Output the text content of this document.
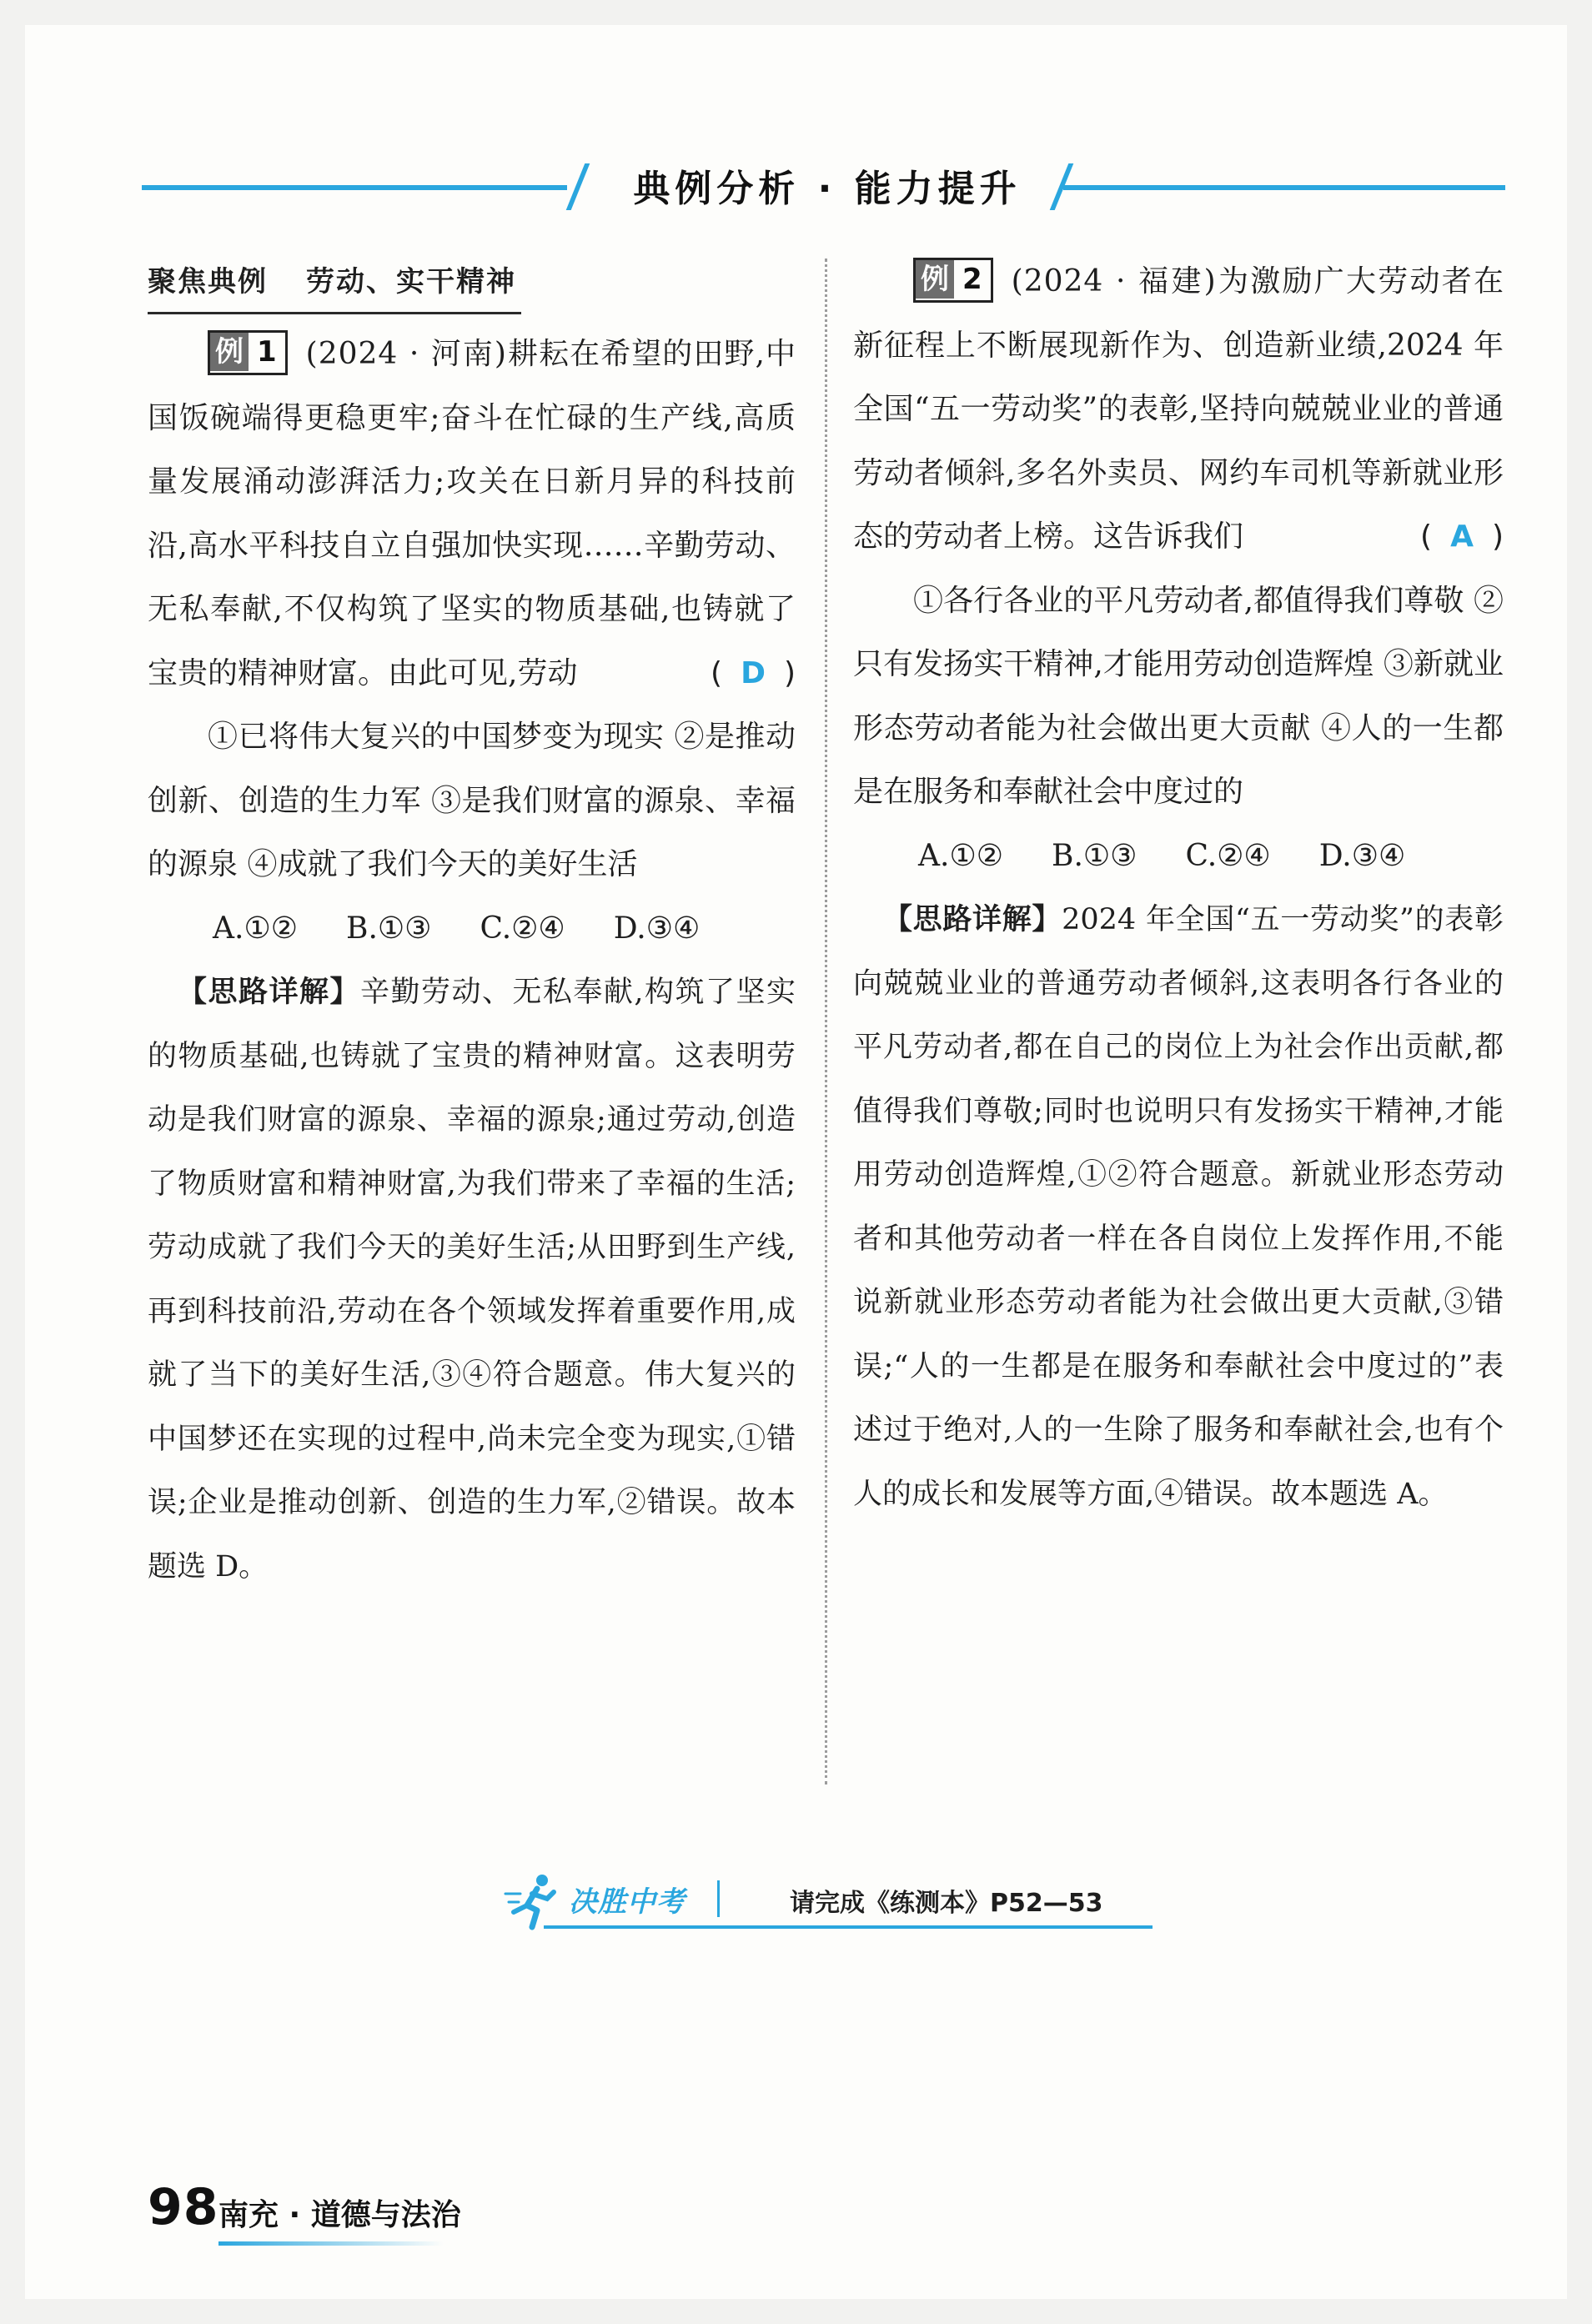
典例分析 · 能力提升
聚焦典例 劳动、实干精神

例 1 (2024 · 河南)耕耘在希望的田野,中国饭碗端得更稳更牢;奋斗在忙碌的生产线,高质量发展涌动澎湃活力;攻关在日新月异的科技前沿,高水平科技自立自强加快实现……辛勤劳动、无私奉献,不仅构筑了坚实的物质基础,也铸就了宝贵的精神财富。由此可见,劳动	( D )

①已将伟大复兴的中国梦变为现实 ②是推动创新、创造的生力军 ③是我们财富的源泉、幸福的源泉 ④成就了我们今天的美好生活

A.①② B.①③ C.②④ D.③④

【思路详解】辛勤劳动、无私奉献,构筑了坚实的物质基础,也铸就了宝贵的精神财富。这表明劳动是我们财富的源泉、幸福的源泉;通过劳动,创造了物质财富和精神财富,为我们带来了幸福的生活;劳动成就了我们今天的美好生活;从田野到生产线,再到科技前沿,劳动在各个领域发挥着重要作用,成就了当下的美好生活,③④符合题意。伟大复兴的中国梦还在实现的过程中,尚未完全变为现实,①错误;企业是推动创新、创造的生力军,②错误。故本题选 D。

例 2 (2024 · 福建)为激励广大劳动者在新征程上不断展现新作为、创造新业绩,2024 年全国“五一劳动奖”的表彰,坚持向兢兢业业的普通劳动者倾斜,多名外卖员、网约车司机等新就业形态的劳动者上榜。这告诉我们	( A )

①各行各业的平凡劳动者,都值得我们尊敬 ②只有发扬实干精神,才能用劳动创造辉煌 ③新就业形态劳动者能为社会做出更大贡献 ④人的一生都是在服务和奉献社会中度过的

A.①② B.①③ C.②④ D.③④

【思路详解】2024 年全国“五一劳动奖”的表彰向兢兢业业的普通劳动者倾斜,这表明各行各业的平凡劳动者,都在自己的岗位上为社会作出贡献,都值得我们尊敬;同时也说明只有发扬实干精神,才能用劳动创造辉煌,①②符合题意。新就业形态劳动者和其他劳动者一样在各自岗位上发挥作用,不能说新就业形态劳动者能为社会做出更大贡献,③错误;“人的一生都是在服务和奉献社会中度过的”表述过于绝对,人的一生除了服务和奉献社会,也有个人的成长和发展等方面,④错误。故本题选 A。

决胜中考	请完成《练测本》P52—53
98 南充 · 道德与法治
